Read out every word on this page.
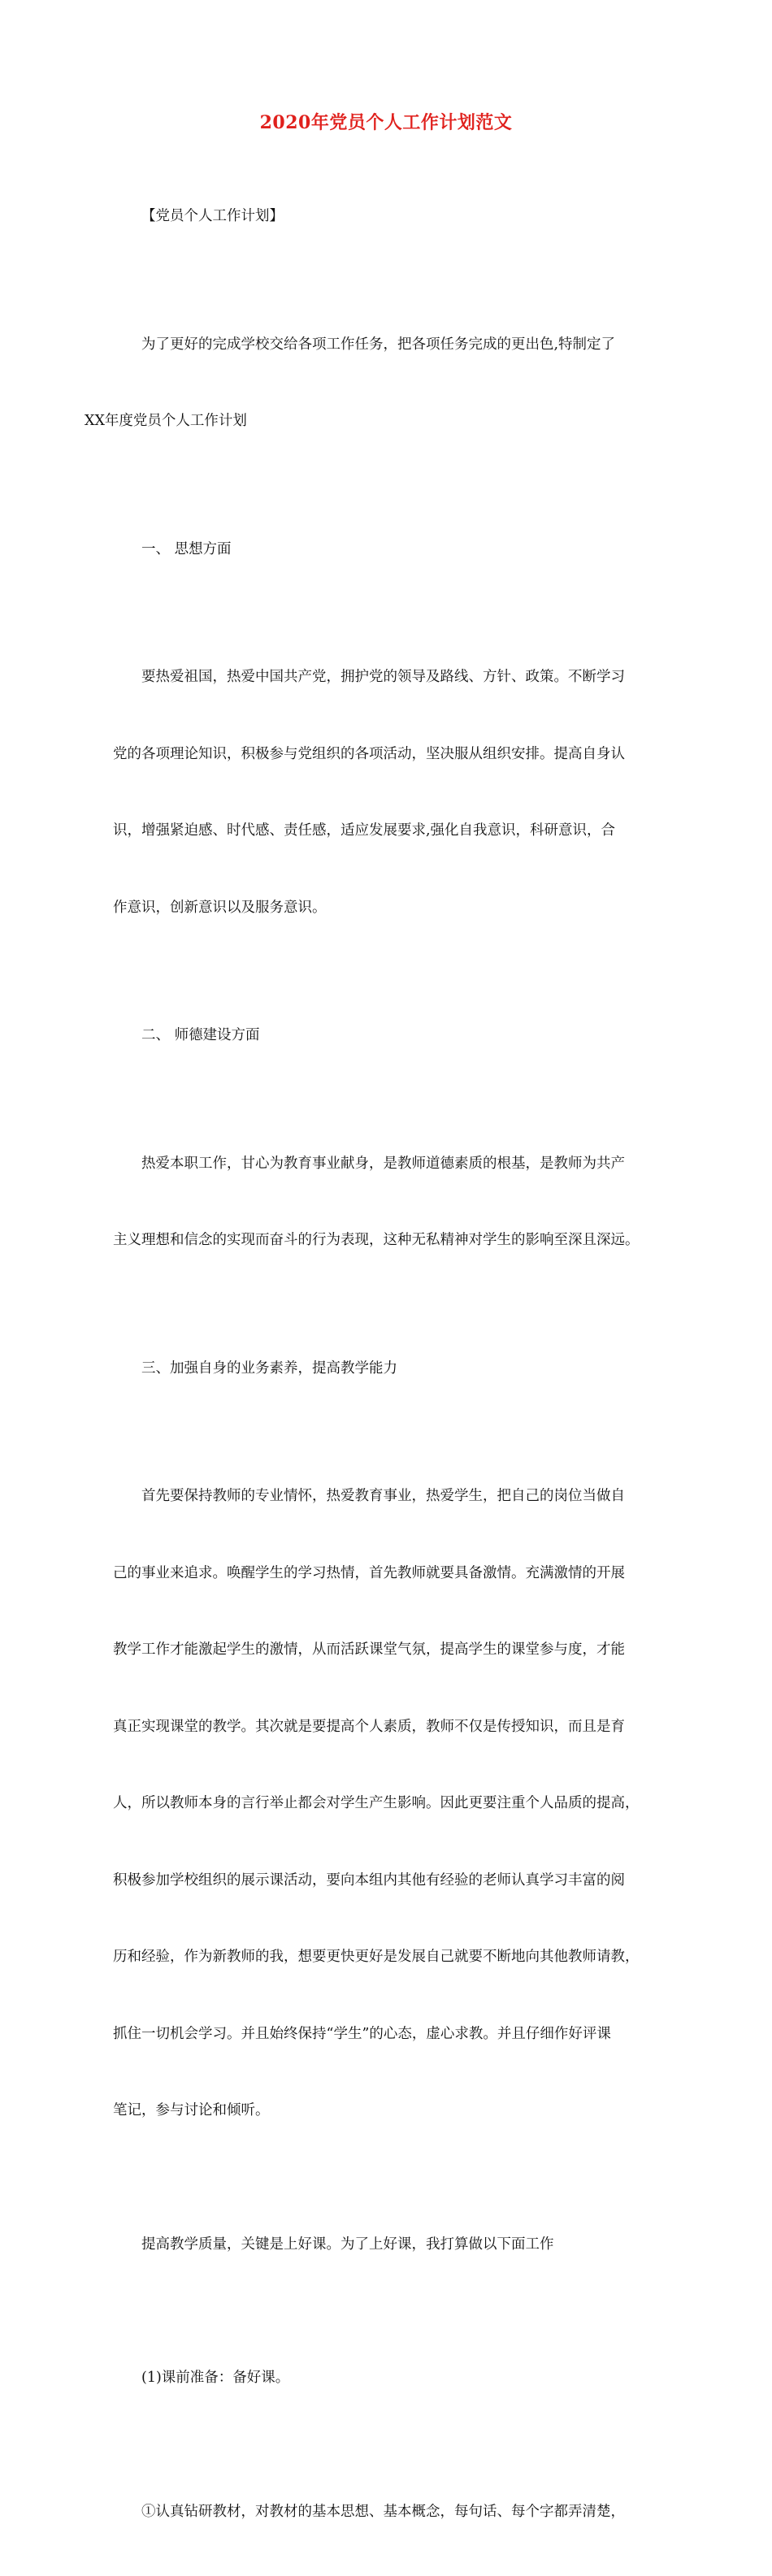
2020年党员个人工作计划范文

【党员个人工作计划】

为了更好的完成学校交给各项工作任务，把各项任务完成的更出色,特制定了

XX年度党员个人工作计划

一、 思想方面

要热爱祖国，热爱中国共产党，拥护党的领导及路线、方针、政策。不断学习

党的各项理论知识，积极参与党组织的各项活动，坚决服从组织安排。提高自身认

识，增强紧迫感、时代感、责任感，适应发展要求,强化自我意识，科研意识，合

作意识，创新意识以及服务意识。

二、 师德建设方面

热爱本职工作，甘心为教育事业献身，是教师道德素质的根基，是教师为共产

主义理想和信念的实现而奋斗的行为表现，这种无私精神对学生的影响至深且深远。

三、加强自身的业务素养，提高教学能力

首先要保持教师的专业情怀，热爱教育事业，热爱学生，把自己的岗位当做自

己的事业来追求。唤醒学生的学习热情，首先教师就要具备激情。充满激情的开展

教学工作才能激起学生的激情，从而活跃课堂气氛，提高学生的课堂参与度，才能

真正实现课堂的教学。其次就是要提高个人素质，教师不仅是传授知识，而且是育

人，所以教师本身的言行举止都会对学生产生影响。因此更要注重个人品质的提高，

积极参加学校组织的展示课活动，要向本组内其他有经验的老师认真学习丰富的阅

历和经验，作为新教师的我，想要更快更好是发展自己就要不断地向其他教师请教，

抓住一切机会学习。并且始终保持“学生”的心态，虚心求教。并且仔细作好评课

笔记，参与讨论和倾听。

提高教学质量，关键是上好课。为了上好课，我打算做以下面工作

(1)课前准备：备好课。

①认真钻研教材，对教材的基本思想、基本概念，每句话、每个字都弄清楚，
